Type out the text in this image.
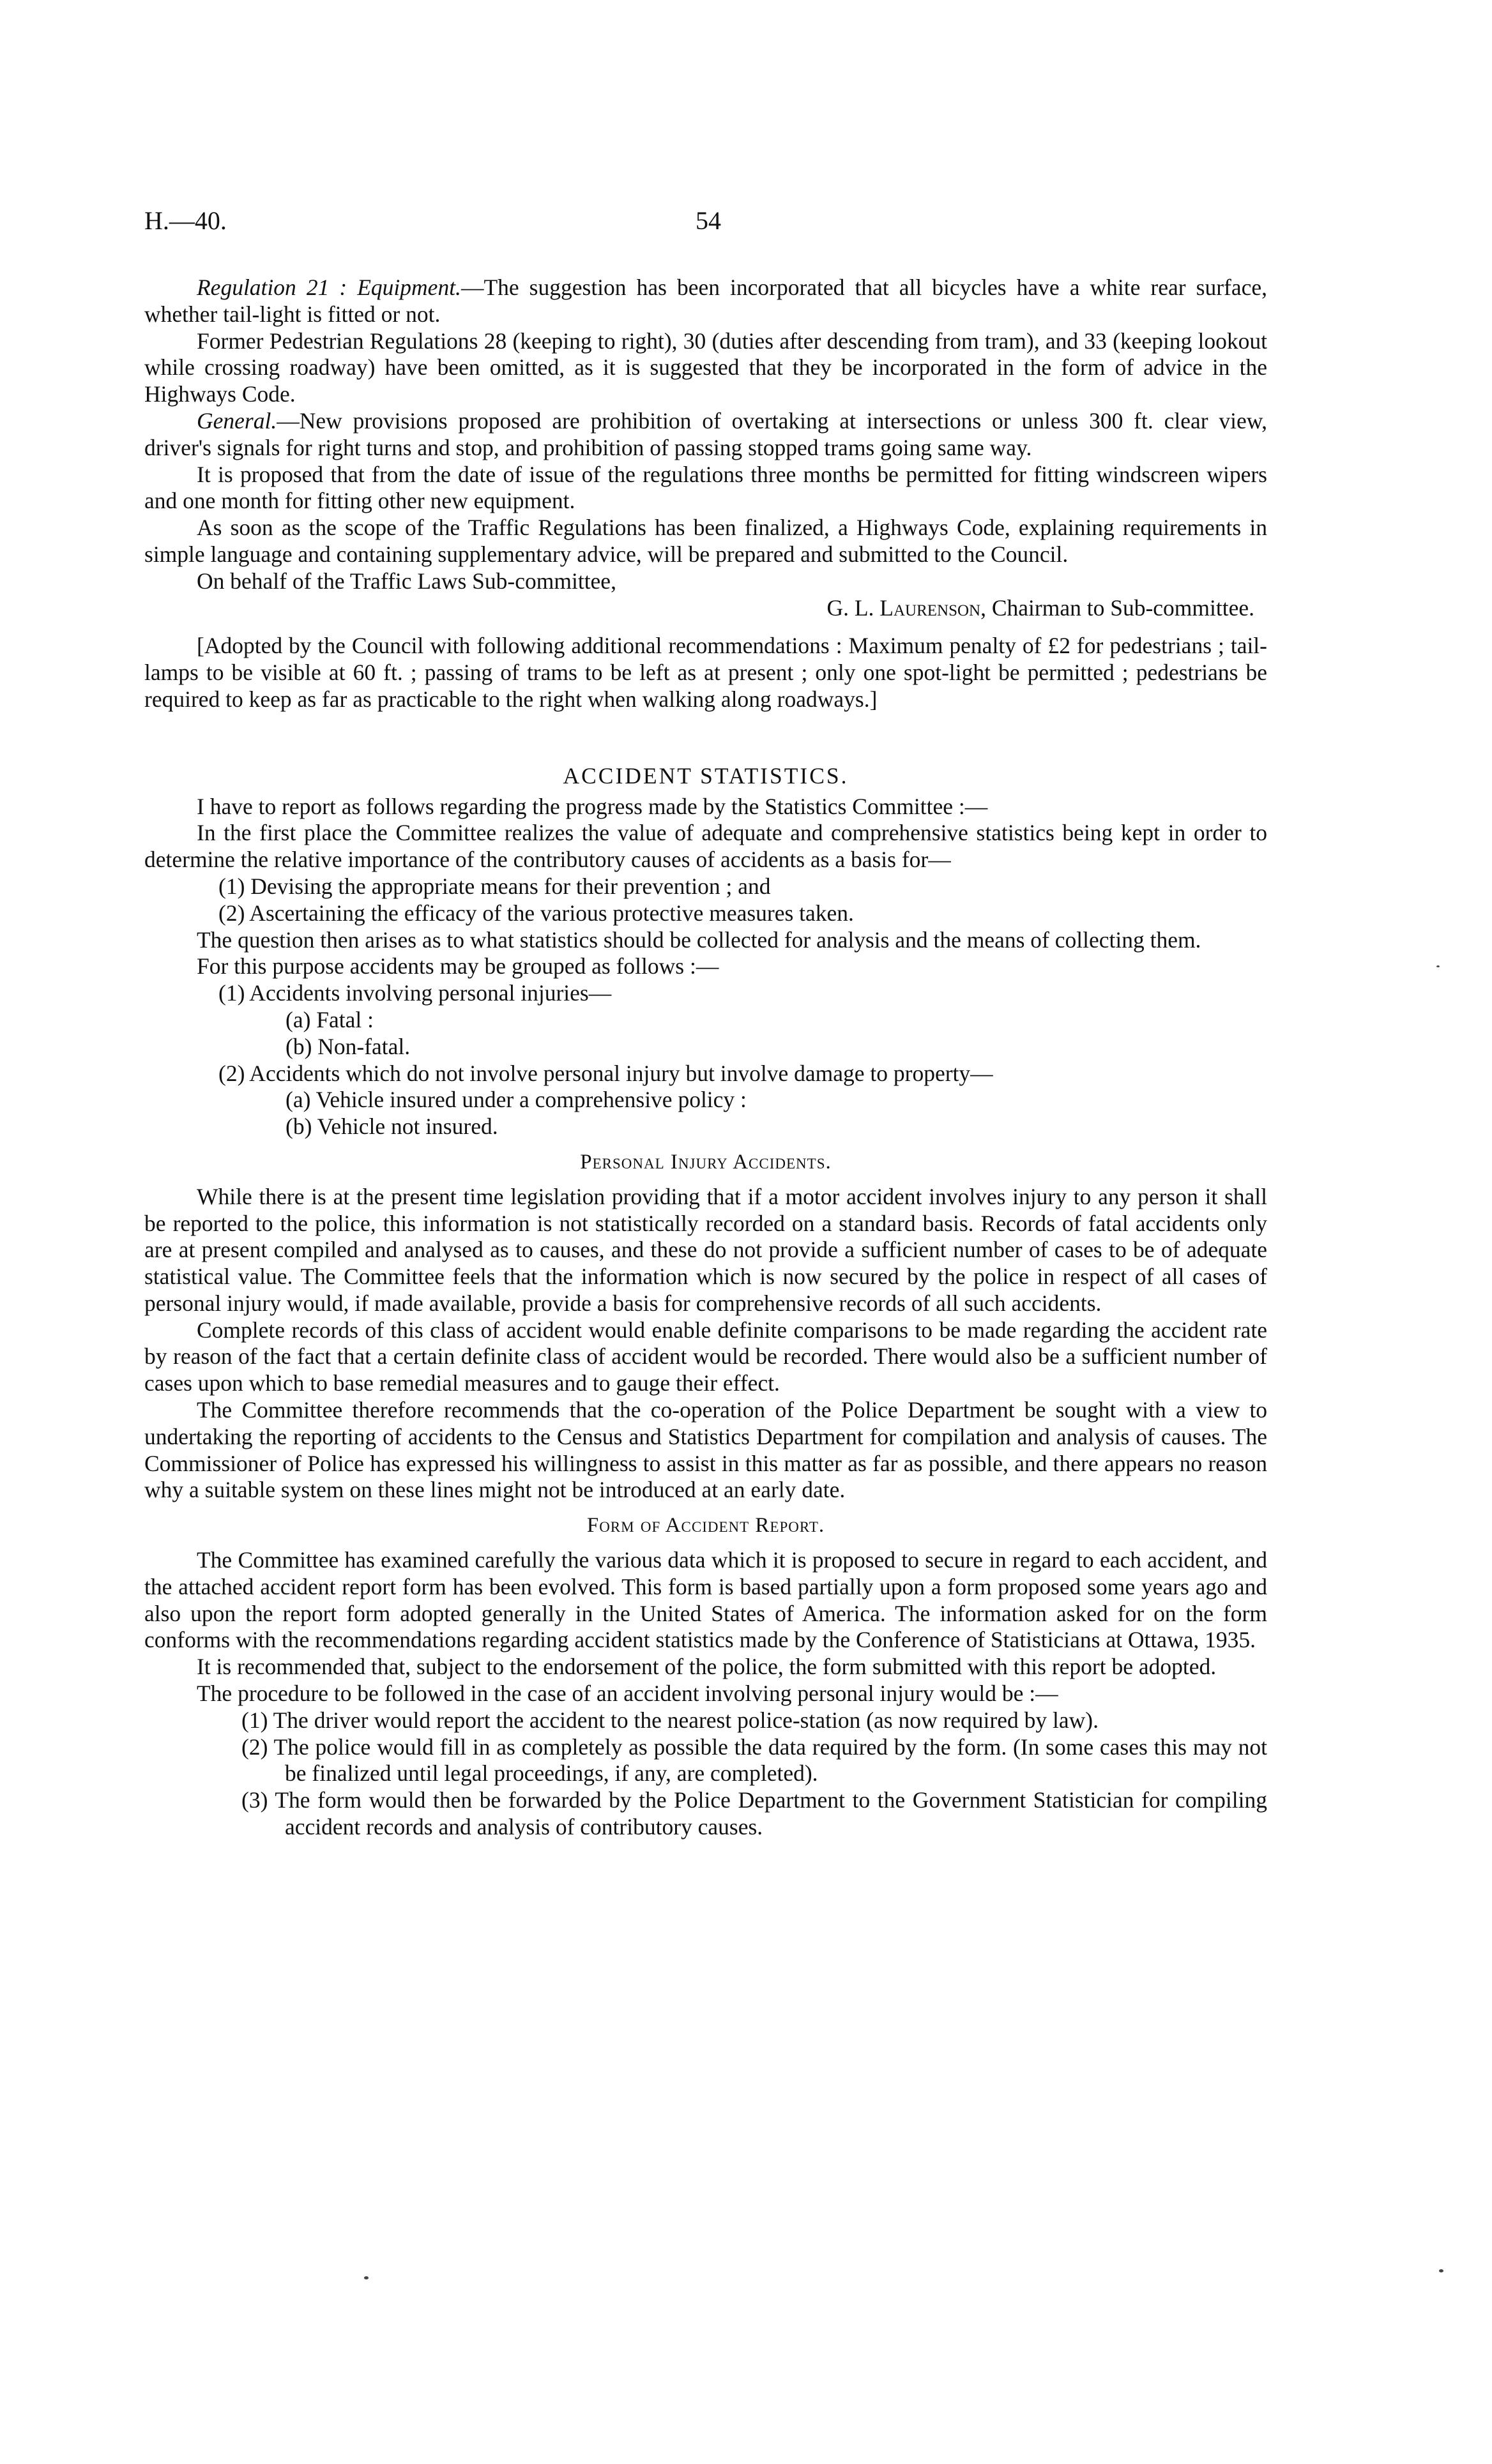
H.—40.	54

Regulation 21 : Equipment.—The suggestion has been incorporated that all bicycles have a white rear surface, whether tail-light is fitted or not.

Former Pedestrian Regulations 28 (keeping to right), 30 (duties after descending from tram), and 33 (keeping lookout while crossing roadway) have been omitted, as it is suggested that they be incorporated in the form of advice in the Highways Code.

General.—New provisions proposed are prohibition of overtaking at intersections or unless 300 ft. clear view, driver's signals for right turns and stop, and prohibition of passing stopped trams going same way.

It is proposed that from the date of issue of the regulations three months be permitted for fitting windscreen wipers and one month for fitting other new equipment.

As soon as the scope of the Traffic Regulations has been finalized, a Highways Code, explaining requirements in simple language and containing supplementary advice, will be prepared and submitted to the Council.

On behalf of the Traffic Laws Sub-committee,

G. L. Laurenson, Chairman to Sub-committee.

[Adopted by the Council with following additional recommendations : Maximum penalty of £2 for pedestrians ; tail-lamps to be visible at 60 ft. ; passing of trams to be left as at present ; only one spot-light be permitted ; pedestrians be required to keep as far as practicable to the right when walking along roadways.]

ACCIDENT STATISTICS.

I have to report as follows regarding the progress made by the Statistics Committee :—

In the first place the Committee realizes the value of adequate and comprehensive statistics being kept in order to determine the relative importance of the contributory causes of accidents as a basis for—

(1) Devising the appropriate means for their prevention ; and

(2) Ascertaining the efficacy of the various protective measures taken.

The question then arises as to what statistics should be collected for analysis and the means of collecting them.

For this purpose accidents may be grouped as follows :—

(1) Accidents involving personal injuries—

(a) Fatal :

(b) Non-fatal.

(2) Accidents which do not involve personal injury but involve damage to property—

(a) Vehicle insured under a comprehensive policy :

(b) Vehicle not insured.

Personal Injury Accidents.

While there is at the present time legislation providing that if a motor accident involves injury to any person it shall be reported to the police, this information is not statistically recorded on a standard basis. Records of fatal accidents only are at present compiled and analysed as to causes, and these do not provide a sufficient number of cases to be of adequate statistical value. The Committee feels that the information which is now secured by the police in respect of all cases of personal injury would, if made available, provide a basis for comprehensive records of all such accidents.

Complete records of this class of accident would enable definite comparisons to be made regarding the accident rate by reason of the fact that a certain definite class of accident would be recorded. There would also be a sufficient number of cases upon which to base remedial measures and to gauge their effect.

The Committee therefore recommends that the co-operation of the Police Department be sought with a view to undertaking the reporting of accidents to the Census and Statistics Department for compilation and analysis of causes. The Commissioner of Police has expressed his willingness to assist in this matter as far as possible, and there appears no reason why a suitable system on these lines might not be introduced at an early date.

Form of Accident Report.

The Committee has examined carefully the various data which it is proposed to secure in regard to each accident, and the attached accident report form has been evolved. This form is based partially upon a form proposed some years ago and also upon the report form adopted generally in the United States of America. The information asked for on the form conforms with the recommendations regarding accident statistics made by the Conference of Statisticians at Ottawa, 1935.

It is recommended that, subject to the endorsement of the police, the form submitted with this report be adopted.

The procedure to be followed in the case of an accident involving personal injury would be :—

(1) The driver would report the accident to the nearest police-station (as now required by law).

(2) The police would fill in as completely as possible the data required by the form. (In some cases this may not be finalized until legal proceedings, if any, are completed).

(3) The form would then be forwarded by the Police Department to the Government Statistician for compiling accident records and analysis of contributory causes.
